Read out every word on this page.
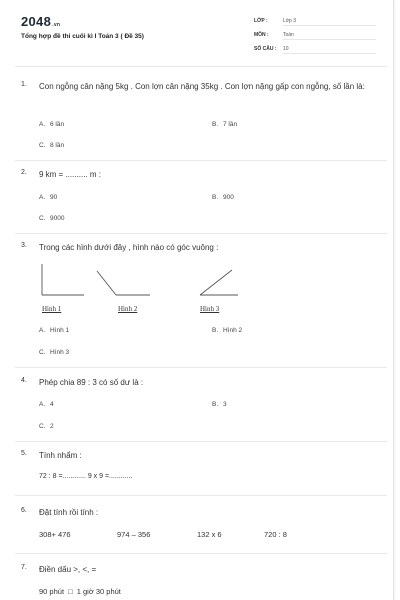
2048.vn
Tổng hợp đề thi cuối kì I Toán 3 ( Đề 35)
LỚP :	Lớp 3
MÔN :	Toán
SỐ CÂU : 10
1. Con ngỗng cân nặng 5kg . Con lợn cân nặng 35kg . Con lợn nặng gấp con ngỗng, số lần là:
A. 6 lần	B. 7 lần
C. 8 lần
2. 9 km = .......... m :
A. 90	B. 900
C. 9000
3. Trong các hình dưới đây , hình nào có góc vuông :
Hình 1	Hình 2	Hình 3
A. Hình 1	B. Hình 2
C. Hình 3
4. Phép chia 89 : 3 có số dư là :
A. 4	B. 3
C. 2
5. Tính nhẩm :
72 : 8 =............ 9 x 9 =............
6. Đặt tính rồi tính :
308+ 476	974 – 356	132 x 6	720 : 8
7. Điền dấu >, <, =
90 phút □ 1 giờ 30 phút
